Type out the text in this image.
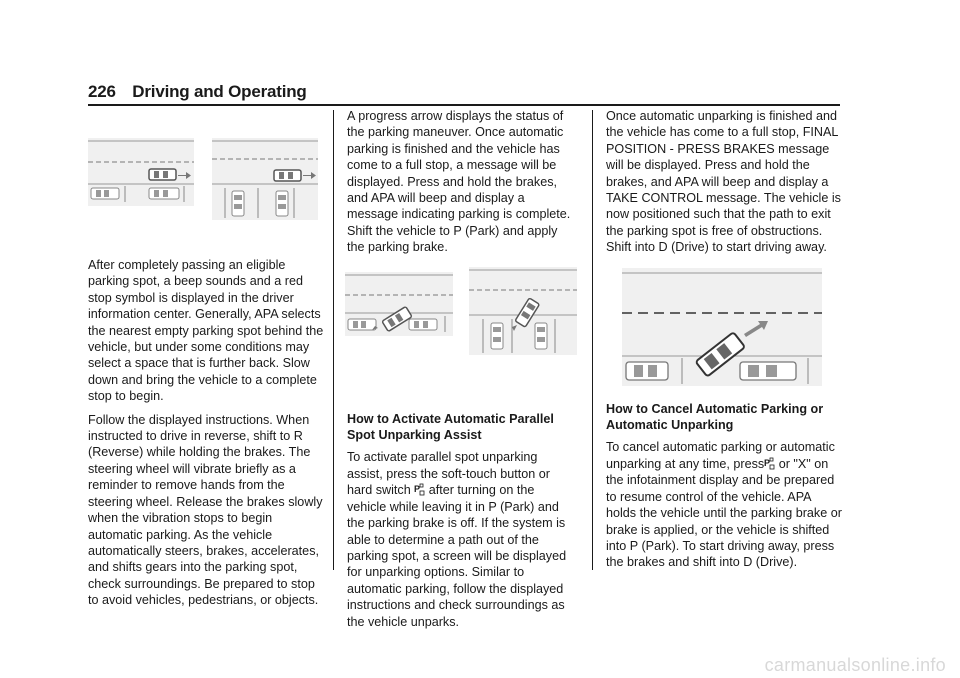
226 Driving and Operating

After completely passing an eligible parking spot, a beep sounds and a red stop symbol is displayed in the driver information center. Generally, APA selects the nearest empty parking spot behind the vehicle, but under some conditions may select a space that is further back. Slow down and bring the vehicle to a complete stop to begin.

Follow the displayed instructions. When instructed to drive in reverse, shift to R (Reverse) while holding the brakes. The steering wheel will vibrate briefly as a reminder to remove hands from the steering wheel. Release the brakes slowly when the vibration stops to begin automatic parking. As the vehicle automatically steers, brakes, accelerates, and shifts gears into the parking spot, check surroundings. Be prepared to stop to avoid vehicles, pedestrians, or objects.

A progress arrow displays the status of the parking maneuver. Once automatic parking is finished and the vehicle has come to a full stop, a message will be displayed. Press and hold the brakes, and APA will beep and display a message indicating parking is complete. Shift the vehicle to P (Park) and apply the parking brake.

How to Activate Automatic Parallel Spot Unparking Assist

To activate parallel spot unparking assist, press the soft-touch button or hard switch P after turning on the vehicle while leaving it in P (Park) and the parking brake is off. If the system is able to determine a path out of the parking spot, a screen will be displayed for unparking options. Similar to automatic parking, follow the displayed instructions and check surroundings as the vehicle unparks.

Once automatic unparking is finished and the vehicle has come to a full stop, FINAL POSITION - PRESS BRAKES message will be displayed. Press and hold the brakes, and APA will beep and display a TAKE CONTROL message. The vehicle is now positioned such that the path to exit the parking spot is free of obstructions. Shift into D (Drive) to start driving away.

How to Cancel Automatic Parking or Automatic Unparking

To cancel automatic parking or automatic unparking at any time, press P or "X" on the infotainment display and be prepared to resume control of the vehicle. APA holds the vehicle until the parking brake or brake is applied, or the vehicle is shifted into P (Park). To start driving away, press the brakes and shift into D (Drive).

carmanualsonline.info
